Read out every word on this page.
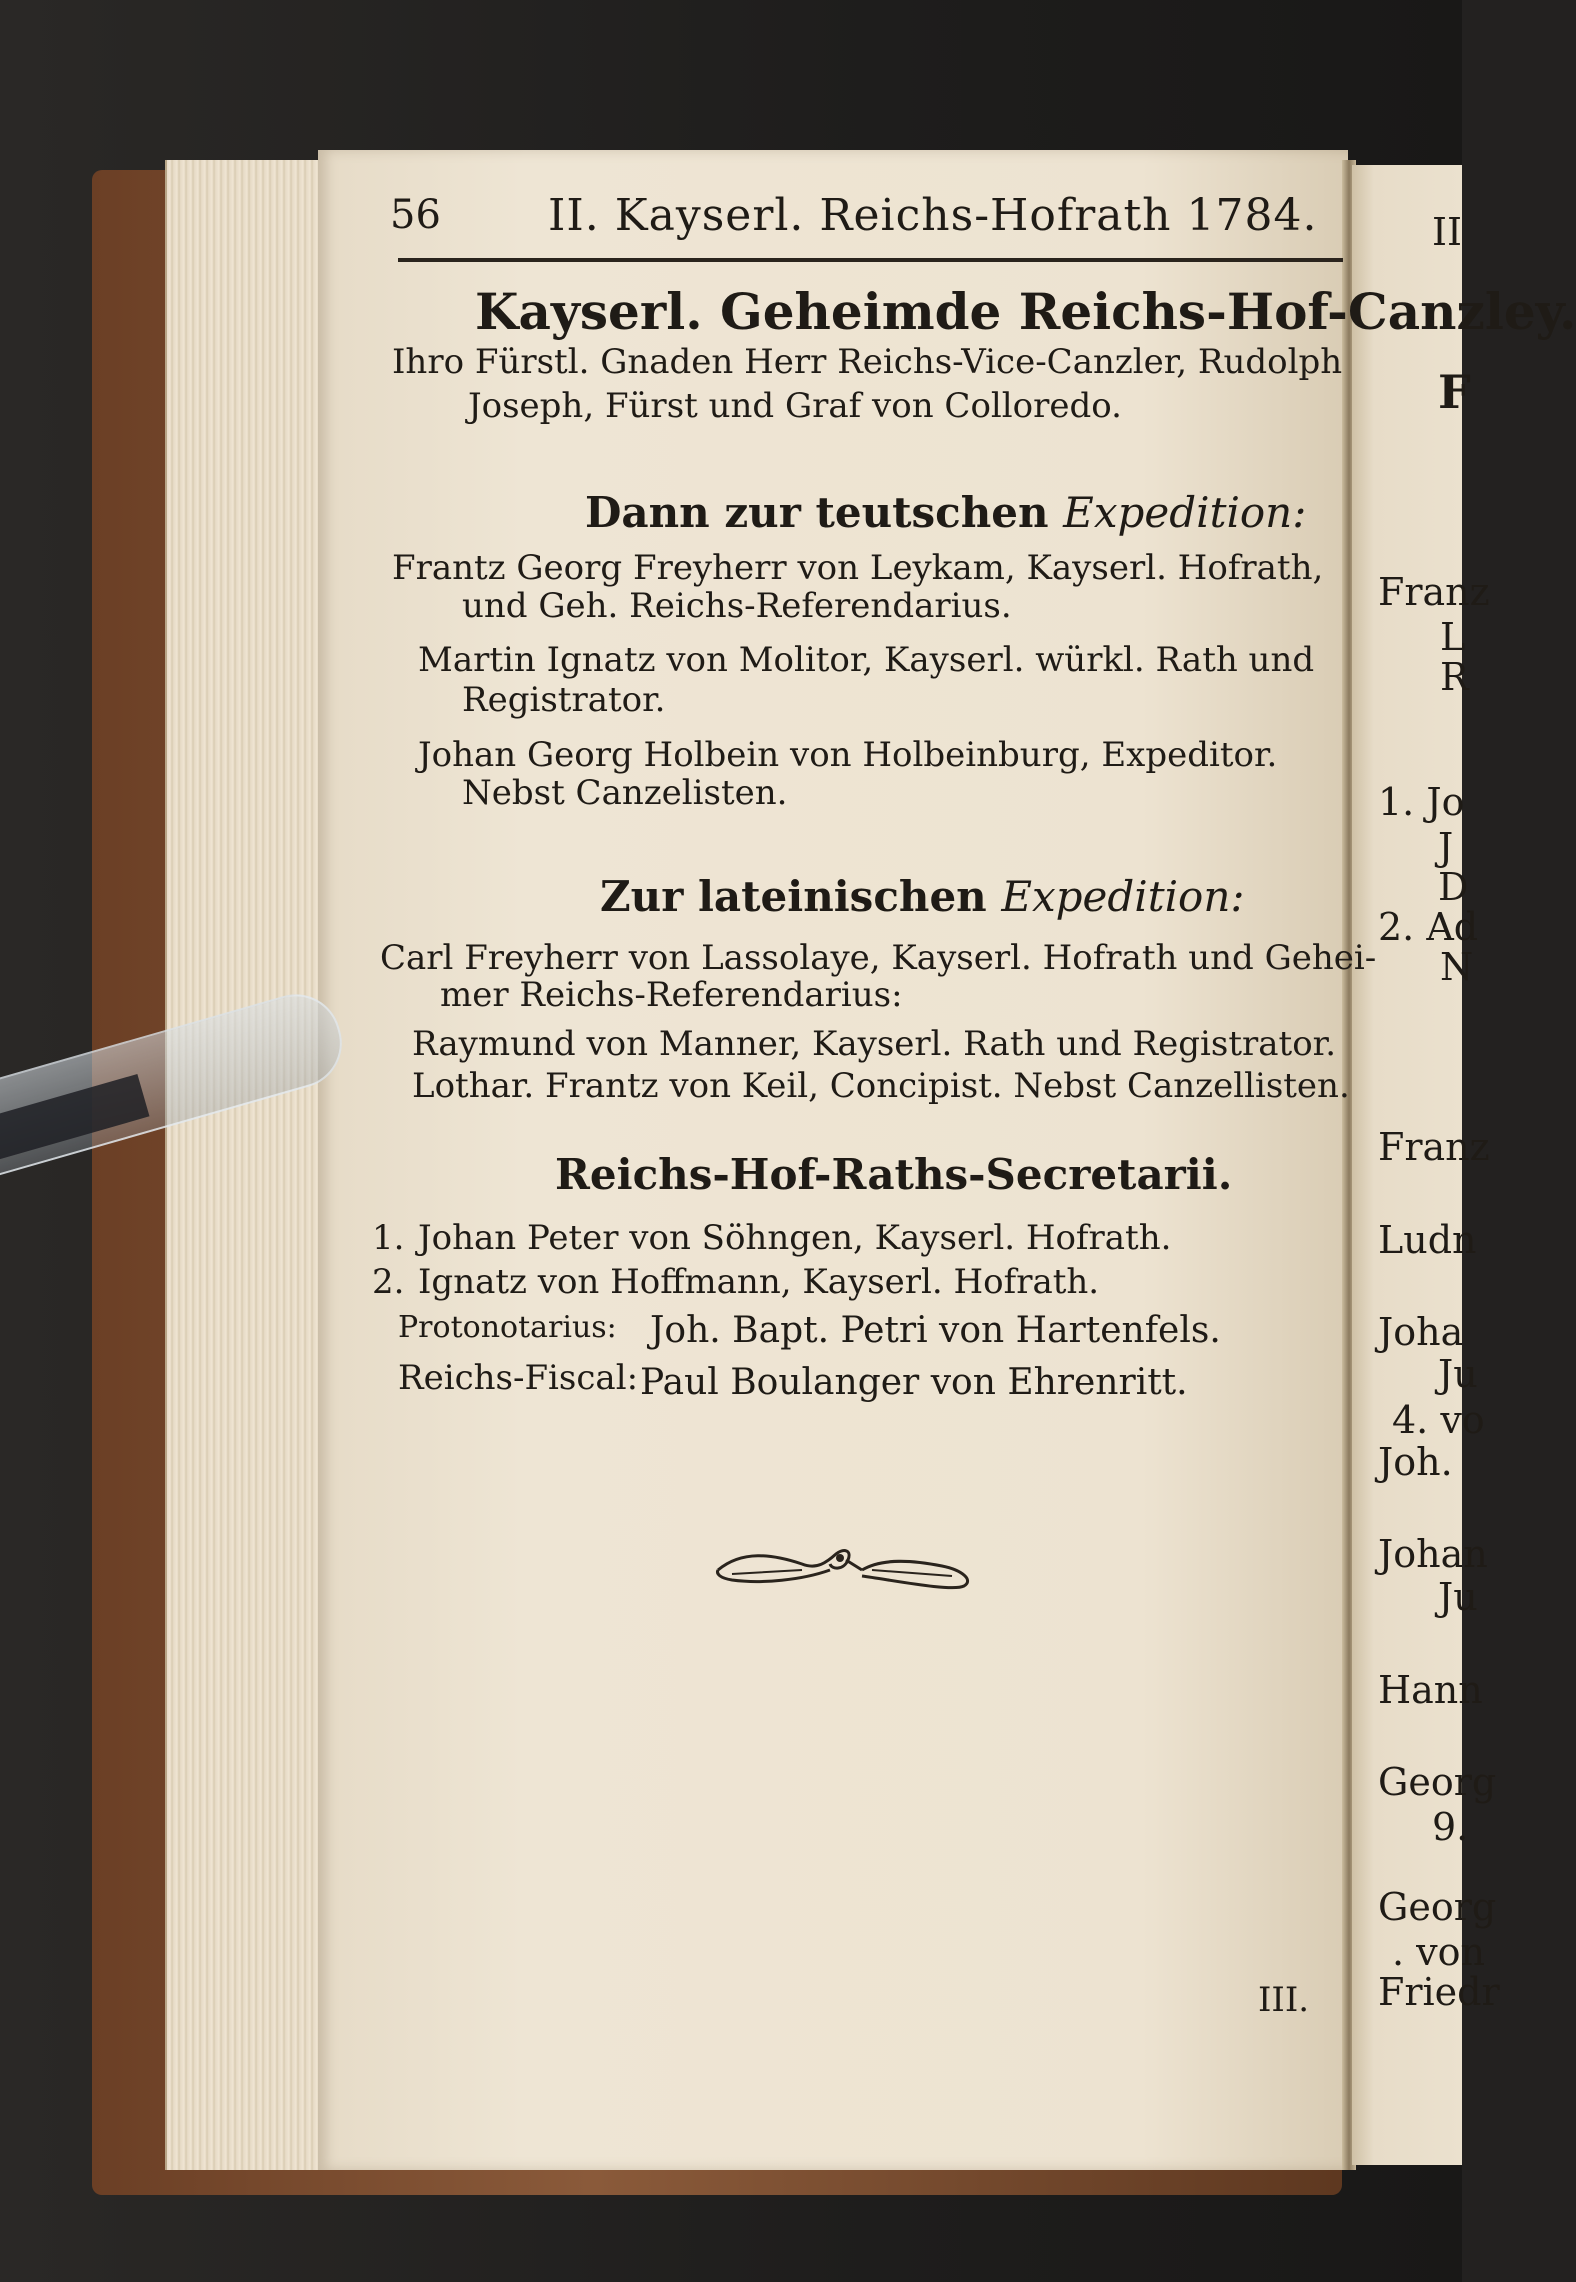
56 II. Kayserl. Reichs-Hofrath 1784.
Kayserl. Geheimde Reichs-Hof-Canzley.
Ihro Fürstl. Gnaden Herr Reichs-Vice-Canzler, Rudolph
Joseph, Fürst und Graf von Colloredo.
Dann zur teutschen Expedition:
Frantz Georg Freyherr von Leykam, Kayserl. Hofrath,
und Geh. Reichs-Referendarius.
Martin Ignatz von Molitor, Kayserl. würkl. Rath und
Registrator.
Johan Georg Holbein von Holbeinburg, Expeditor.
Nebst Canzelisten.
Zur lateinischen Expedition:
Carl Freyherr von Lassolaye, Kayserl. Hofrath und Gehei-
mer Reichs-Referendarius:
Raymund von Manner, Kayserl. Rath und Registrator.
Lothar. Frantz von Keil, Concipist. Nebst Canzellisten.
Reichs-Hof-Raths-Secretarii.
1. Johan Peter von Söhngen, Kayserl. Hofrath.
2. Ignatz von Hoffmann, Kayserl. Hofrath.
Protonotarius: Joh. Bapt. Petri von Hartenfels.
Reichs-Fiscal: Paul Boulanger von Ehrenritt.
III.
II
F
Franz
L
R
1. Jo
J
D
2. Ad
N
Franz
Ludn
Joha
Ju
4. vo
Joh.
Johan
Ju
Hann
Georg
9.
Georg
. von
Friedr
